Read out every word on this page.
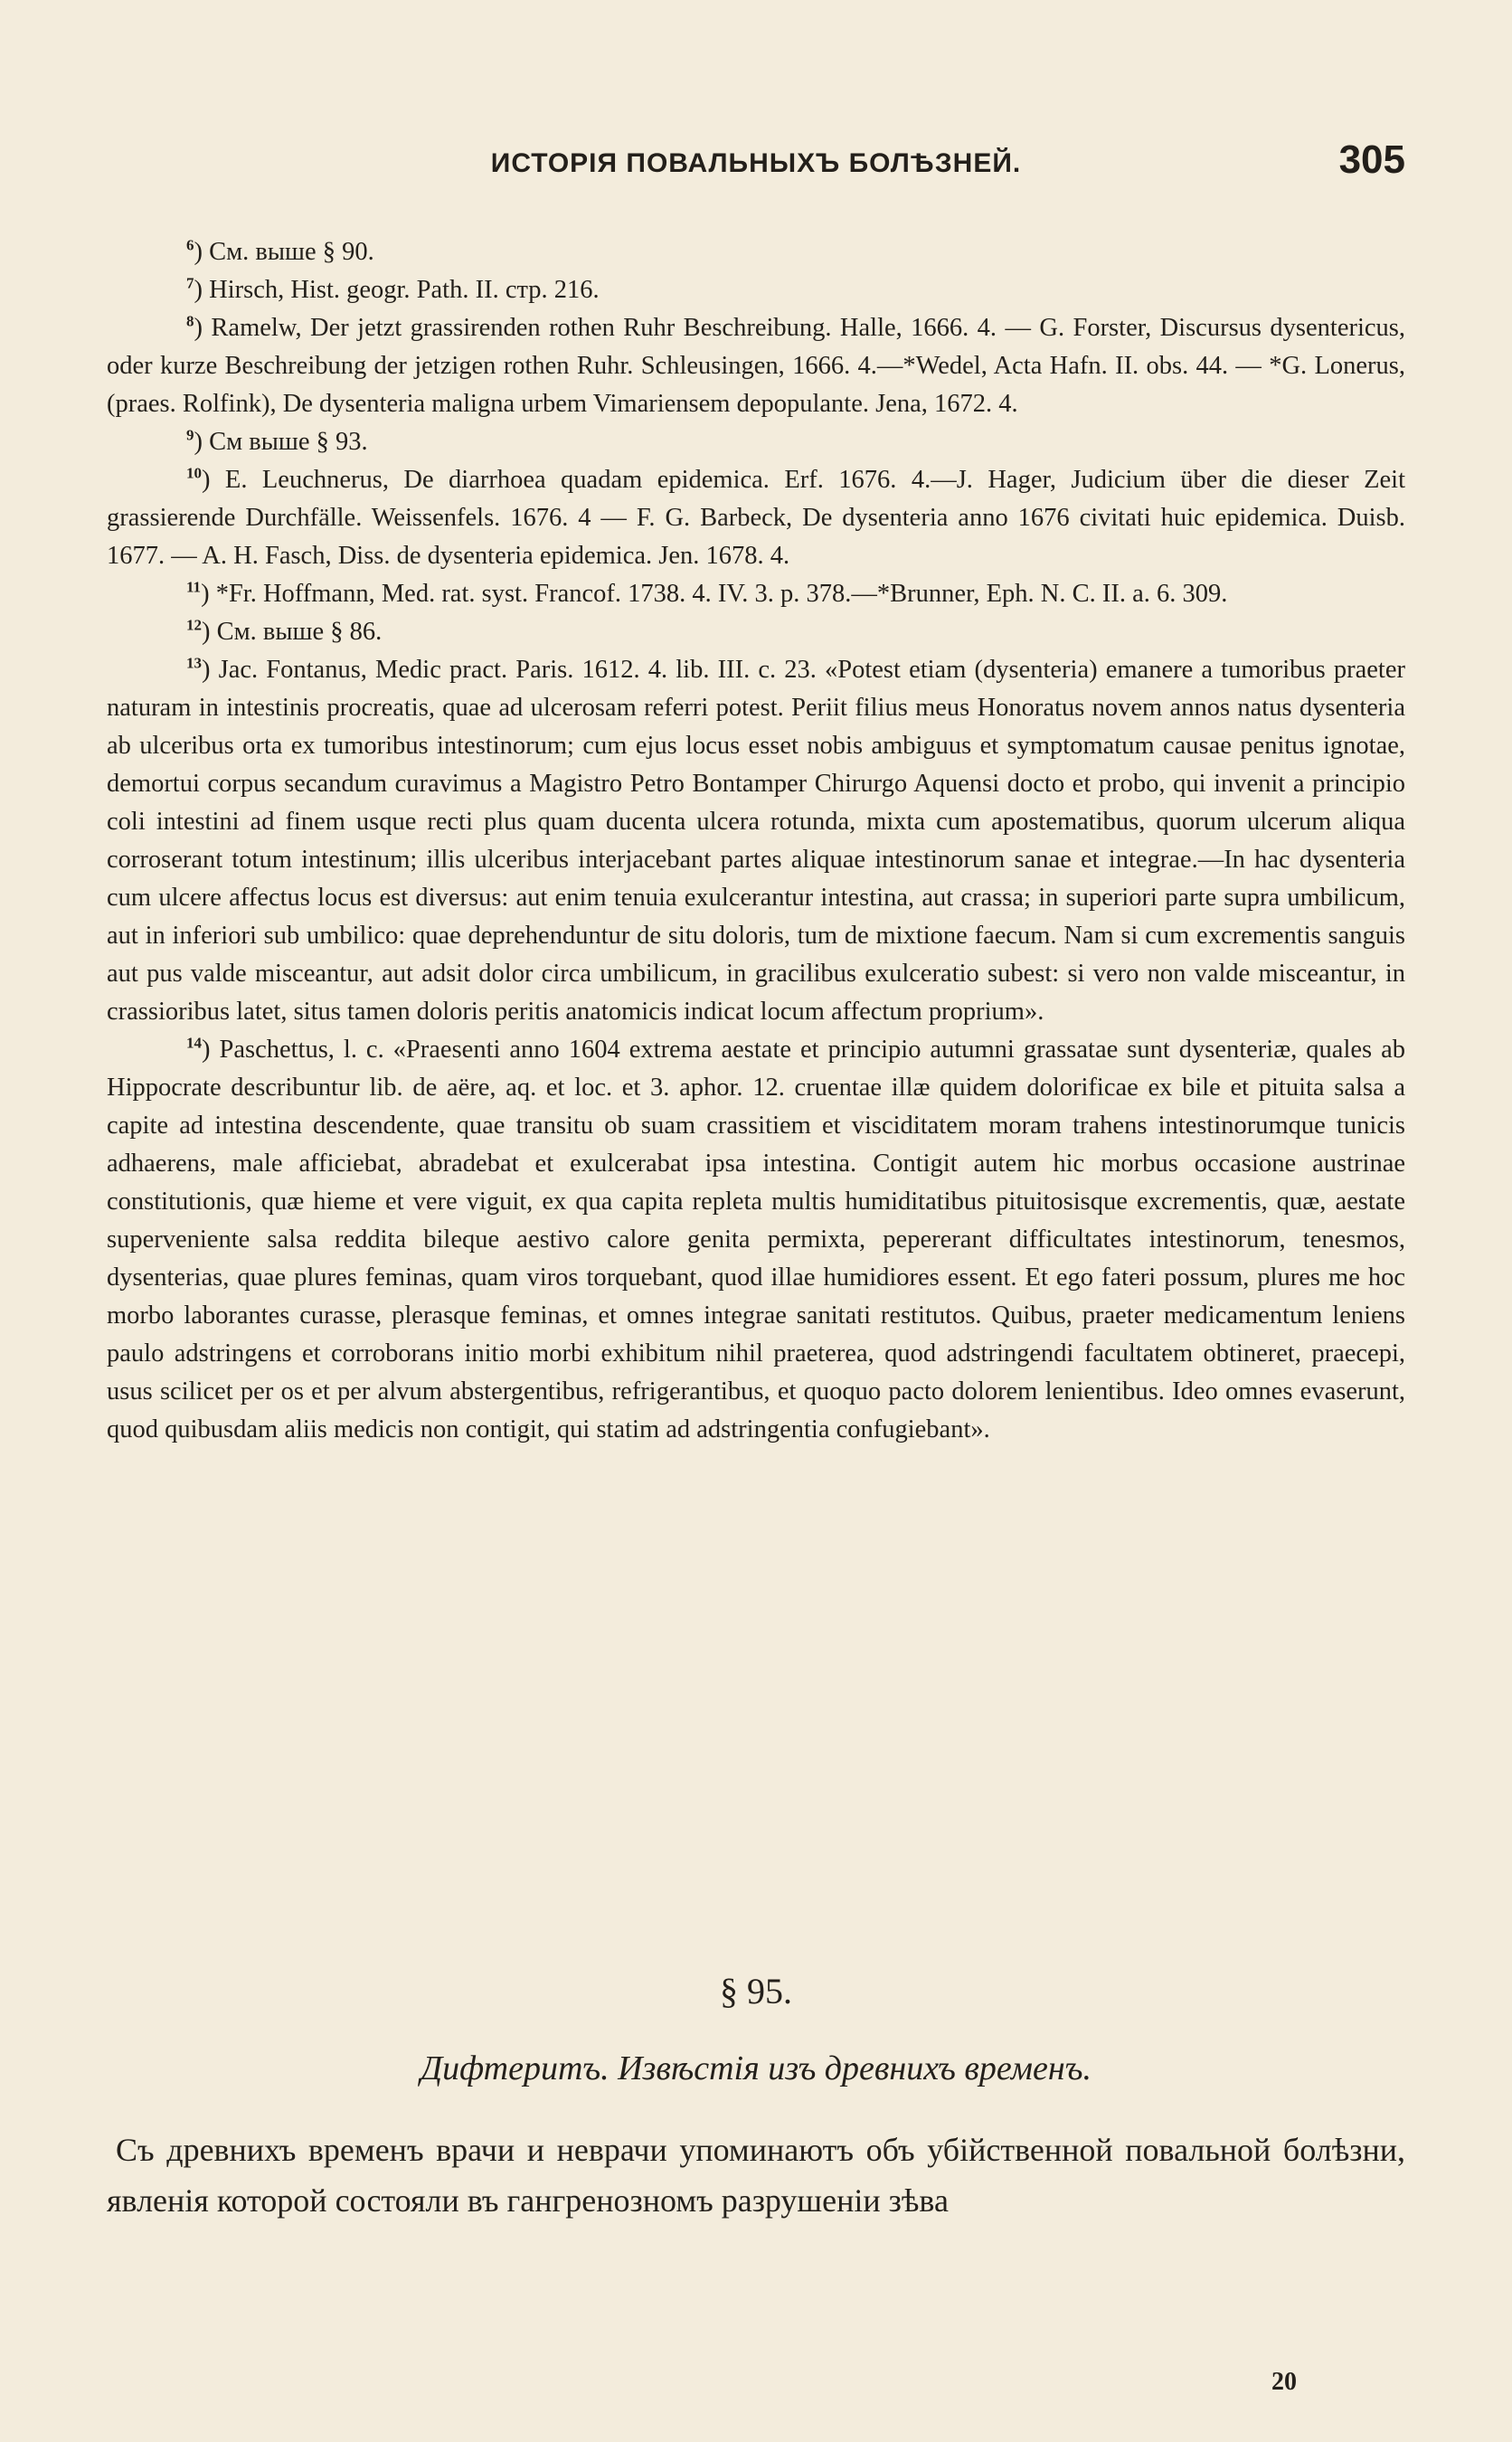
ИСТОРІЯ ПОВАЛЬНЫХЪ БОЛѢЗНЕЙ.	305

$^6$) См. выше § 90.

$^7$) Hirsch, Hist. geogr. Path. II. стр. 216.

$^8$) Ramelw, Der jetzt grassirenden rothen Ruhr Beschreibung. Halle, 1666. 4. — G. Forster, Discursus dysentericus, oder kurze Beschreibung der jetzigen rothen Ruhr. Schleusingen, 1666. 4.—*Wedel, Acta Hafn. II. obs. 44. — *G. Lonerus, (praes. Rolfink), De dysenteria maligna urbem Vimariensem depopulante. Jena, 1672. 4.

$^9$) См выше § 93.

$^{10}$) E. Leuchnerus, De diarrhoea quadam epidemica. Erf. 1676. 4.—J. Hager, Judicium über die dieser Zeit grassierende Durchfälle. Weissenfels. 1676. 4 — F. G. Barbeck, De dysenteria anno 1676 civitati huic epidemica. Duisb. 1677. — A. H. Fasch, Diss. de dysenteria epidemica. Jen. 1678. 4.

$^{11}$) *Fr. Hoffmann, Med. rat. syst. Francof. 1738. 4. IV. 3. p. 378.—*Brunner, Eph. N. C. II. a. 6. 309.

$^{12}$) См. выше § 86.

$^{13}$) Jac. Fontanus, Medic pract. Paris. 1612. 4. lib. III. c. 23. «Potest etiam (dysenteria) emanere a tumoribus praeter naturam in intestinis procreatis, quae ad ulcerosam referri potest. Periit filius meus Honoratus novem annos natus dysenteria ab ulceribus orta ex tumoribus intestinorum; cum ejus locus esset nobis ambiguus et symptomatum causae penitus ignotae, demortui corpus secandum curavimus a Magistro Petro Bontamper Chirurgo Aquensi docto et probo, qui invenit a principio coli intestini ad finem usque recti plus quam ducenta ulcera rotunda, mixta cum apostematibus, quorum ulcerum aliqua corroserant totum intestinum; illis ulceribus interjacebant partes aliquae intestinorum sanae et integrae.—In hac dysenteria cum ulcere affectus locus est diversus: aut enim tenuia exulcerantur intestina, aut crassa; in superiori parte supra umbilicum, aut in inferiori sub umbilico: quae deprehenduntur de situ doloris, tum de mixtione faecum. Nam si cum excrementis sanguis aut pus valde misceantur, aut adsit dolor circa umbilicum, in gracilibus exulceratio subest: si vero non valde misceantur, in crassioribus latet, situs tamen doloris peritis anatomicis indicat locum affectum proprium».

$^{14}$) Paschettus, l. c. «Praesenti anno 1604 extrema aestate et principio autumni grassatae sunt dysenteriæ, quales ab Hippocrate describuntur lib. de aëre, aq. et loc. et 3. aphor. 12. cruentae illæ quidem dolorificae ex bile et pituita salsa a capite ad intestina descendente, quae transitu ob suam crassitiem et visciditatem moram trahens intestinorumque tunicis adhaerens, male afficiebat, abradebat et exulcerabat ipsa intestina. Contigit autem hic morbus occasione austrinae constitutionis, quæ hieme et vere viguit, ex qua capita repleta multis humiditatibus pituitosisque excrementis, quæ, aestate superveniente salsa reddita bileque aestivo calore genita permixta, pepererant difficultates intestinorum, tenesmos, dysenterias, quae plures feminas, quam viros torquebant, quod illae humidiores essent. Et ego fateri possum, plures me hoc morbo laborantes curasse, plerasque feminas, et omnes integrae sanitati restitutos. Quibus, praeter medicamentum leniens paulo adstringens et corroborans initio morbi exhibitum nihil praeterea, quod adstringendi facultatem obtineret, praecepi, usus scilicet per os et per alvum abstergentibus, refrigerantibus, et quoquo pacto dolorem lenientibus. Ideo omnes evaserunt, quod quibusdam aliis medicis non contigit, qui statim ad adstringentia confugiebant».

§ 95.
Дифтеритъ. Извѣстія изъ древнихъ временъ.

Съ древнихъ временъ врачи и неврачи упоминаютъ объ убійственной повальной болѣзни, явленія которой состояли въ гангренозномъ разрушеніи зѣва

20
